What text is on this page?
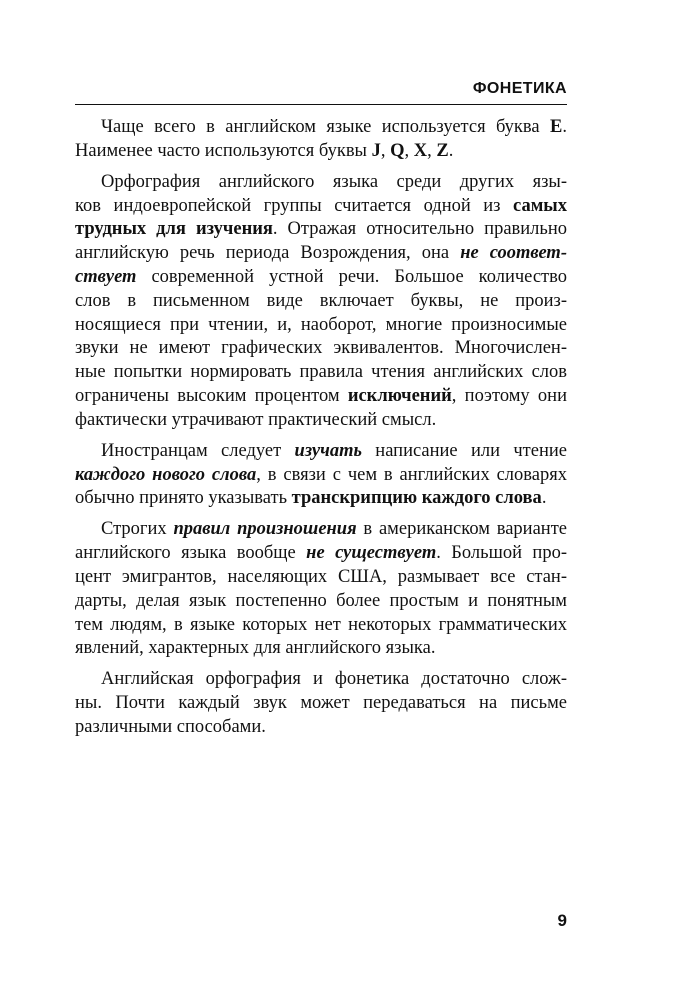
ФОНЕТИКА
Чаще всего в английском языке используется буква E.
Наименее часто используются буквы J, Q, X, Z.
Орфография английского языка среди других язы-
ков индоевропейской группы считается одной из самых
трудных для изучения. Отражая относительно правильно
английскую речь периода Возрождения, она не соответ-
ствует современной устной речи. Большое количество
слов в письменном виде включает буквы, не произ-
носящиеся при чтении, и, наоборот, многие произносимые
звуки не имеют графических эквивалентов. Многочислен-
ные попытки нормировать правила чтения английских слов
ограничены высоким процентом исключений, поэтому они
фактически утрачивают практический смысл.
Иностранцам следует изучать написание или чтение
каждого нового слова, в связи с чем в английских словарях
обычно принято указывать транскрипцию каждого слова.
Строгих правил произношения в американском варианте
английского языка вообще не существует. Большой про-
цент эмигрантов, населяющих США, размывает все стан-
дарты, делая язык постепенно более простым и понятным
тем людям, в языке которых нет некоторых грамматических
явлений, характерных для английского языка.
Английская орфография и фонетика достаточно слож-
ны. Почти каждый звук может передаваться на письме
различными способами.
9
